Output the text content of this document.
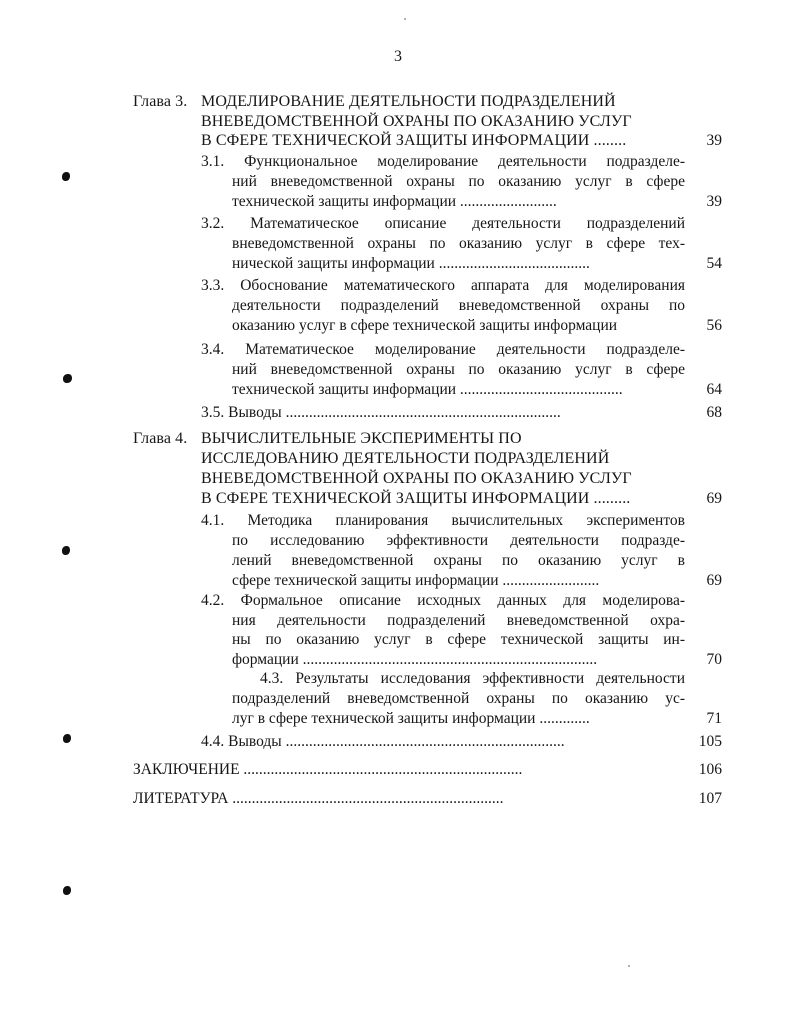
3
Глава 3. МОДЕЛИРОВАНИЕ ДЕЯТЕЛЬНОСТИ ПОДРАЗДЕЛЕНИЙ
ВНЕВЕДОМСТВЕННОЙ ОХРАНЫ ПО ОКАЗАНИЮ УСЛУГ
В СФЕРЕ ТЕХНИЧЕСКОЙ ЗАЩИТЫ ИНФОРМАЦИИ ........	39
3.1. Функциональное моделирование деятельности подразделе-
ний вневедомственной охраны по оказанию услуг в сфере
технической защиты информации .........................	39
3.2. Математическое описание деятельности подразделений
вневедомственной охраны по оказанию услуг в сфере тех-
нической защиты информации .......................................	54
3.3. Обоснование математического аппарата для моделирования
деятельности подразделений вневедомственной охраны по
оказанию услуг в сфере технической защиты информации	56
3.4. Математическое моделирование деятельности подразделе-
ний вневедомственной охраны по оказанию услуг в сфере
технической защиты информации ..........................................	64
3.5. Выводы .......................................................................	68
Глава 4. ВЫЧИСЛИТЕЛЬНЫЕ ЭКСПЕРИМЕНТЫ ПО
ИССЛЕДОВАНИЮ ДЕЯТЕЛЬНОСТИ ПОДРАЗДЕЛЕНИЙ
ВНЕВЕДОМСТВЕННОЙ ОХРАНЫ ПО ОКАЗАНИЮ УСЛУГ
В СФЕРЕ ТЕХНИЧЕСКОЙ ЗАЩИТЫ ИНФОРМАЦИИ .........	69
4.1. Методика планирования вычислительных экспериментов
по исследованию эффективности деятельности подразде-
лений вневедомственной охраны по оказанию услуг в
сфере технической защиты информации .........................	69
4.2. Формальное описание исходных данных для моделирова-
ния деятельности подразделений вневедомственной охра-
ны по оказанию услуг в сфере технической защиты ин-
формации ............................................................................	70
4.3. Результаты исследования эффективности деятельности
подразделений вневедомственной охраны по оказанию ус-
луг в сфере технической защиты информации .............	71
4.4. Выводы ........................................................................	105
ЗАКЛЮЧЕНИЕ ........................................................................	106
ЛИТЕРАТУРА ......................................................................	107
